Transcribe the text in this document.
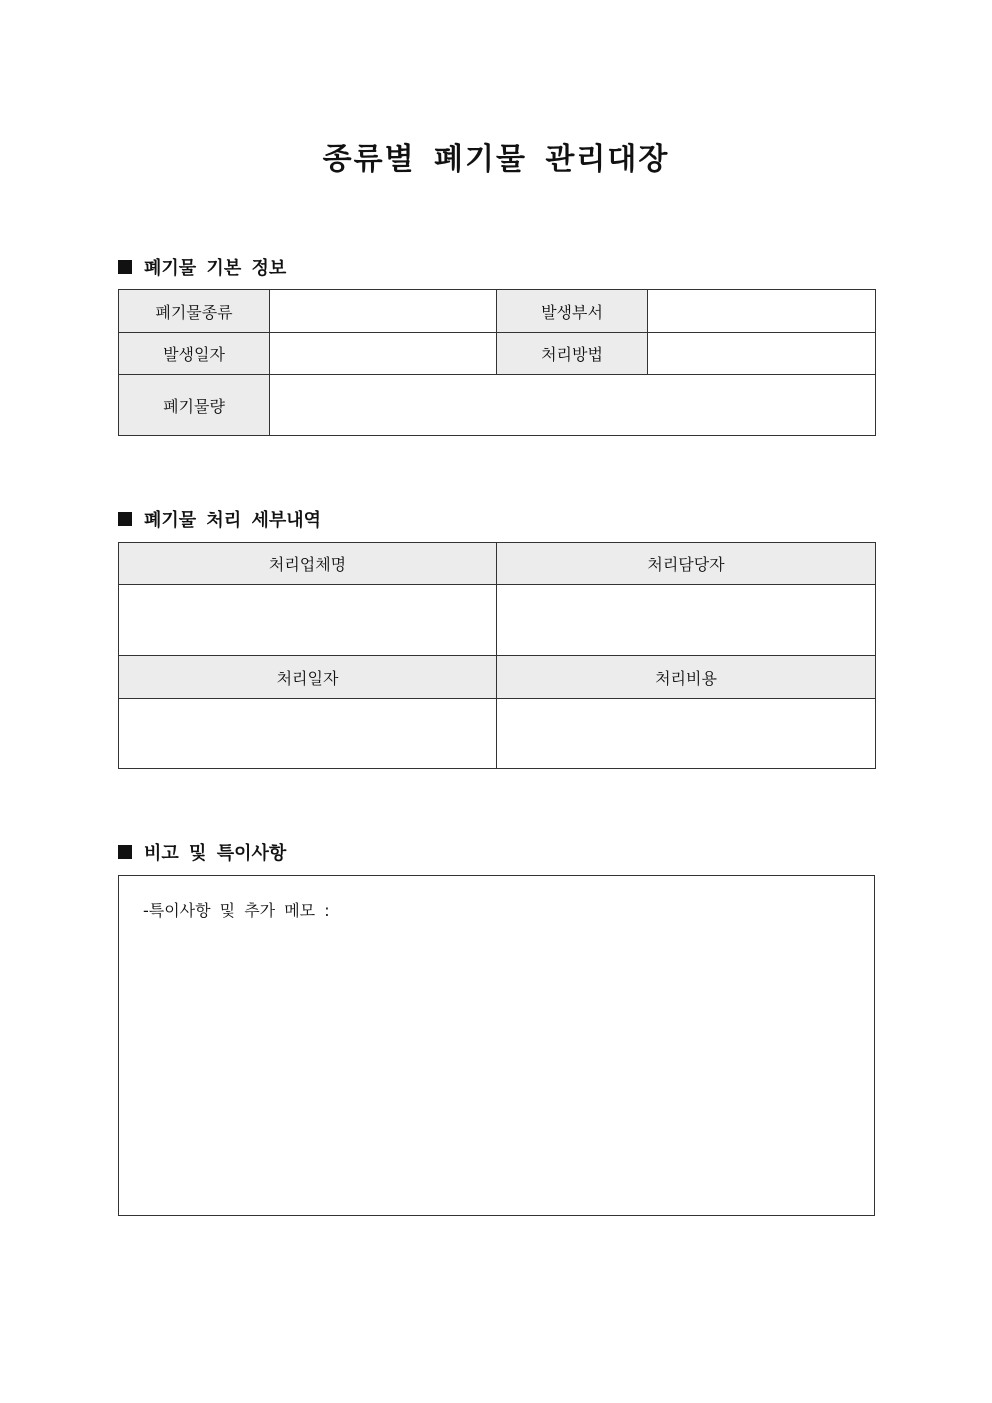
종류별 폐기물 관리대장
폐기물 기본 정보
폐기물종류		발생부서	
발생일자		처리방법	
폐기물량			
폐기물 처리 세부내역
처리업체명	처리담당자

처리일자	처리비용

비고 및 특이사항
-특이사항 및 추가 메모 :
